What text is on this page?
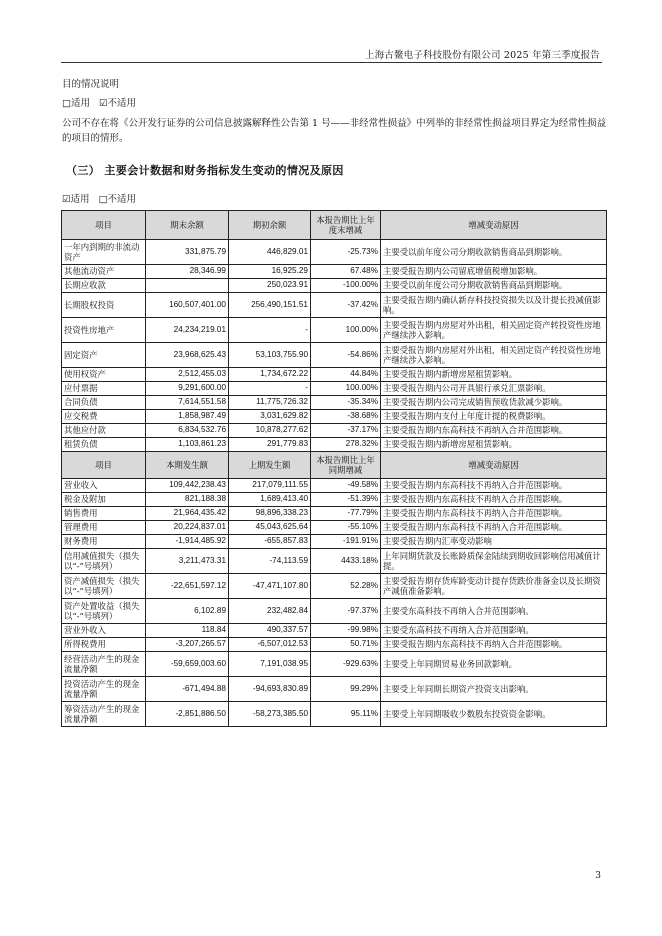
上海古鳌电子科技股份有限公司 2025 年第三季度报告
目的情况说明
□适用 ☑不适用
公司不存在将《公开发行证券的公司信息披露解释性公告第 1 号——非经常性损益》中列举的非经常性损益项目界定为经常性损益的项目的情形。
（三） 主要会计数据和财务指标发生变动的情况及原因
☑适用 □不适用
项目	期末余额	期初余额	本报告期比上年度末增减	增减变动原因
一年内到期的非流动资产	331,875.79	446,829.01	-25.73%	主要受以前年度公司分期收款销售商品到期影响。
其他流动资产	28,346.99	16,925.29	67.48%	主要受报告期内公司留底增值税增加影响。
长期应收款		250,023.91	-100.00%	主要受以前年度公司分期收款销售商品到期影响。
长期股权投资	160,507,401.00	256,490,151.51	-37.42%	主要受报告期内确认新存科技投资损失以及计提长投减值影响。
投资性房地产	24,234,219.01	-	100.00%	主要受报告期内房屋对外出租，相关固定资产转投资性房地产继续涉入影响。
固定资产	23,968,625.43	53,103,755.90	-54.86%	主要受报告期内房屋对外出租，相关固定资产转投资性房地产继续涉入影响。
使用权资产	2,512,455.03	1,734,672.22	44.84%	主要受报告期内新增房屋租赁影响。
应付票据	9,291,600.00	-	100.00%	主要受报告期内公司开具银行承兑汇票影响。
合同负债	7,614,551.58	11,775,726.32	-35.34%	主要受报告期内公司完成销售预收货款减少影响。
应交税费	1,858,987.49	3,031,629.82	-38.68%	主要受报告期内支付上年度计提的税费影响。
其他应付款	6,834,532.76	10,878,277.62	-37.17%	主要受报告期内东高科技不再纳入合并范围影响。
租赁负债	1,103,861.23	291,779.83	278.32%	主要受报告期内新增房屋租赁影响。
项目	本期发生额	上期发生额	本报告期比上年同期增减	增减变动原因
营业收入	109,442,238.43	217,079,111.55	-49.58%	主要受报告期内东高科技不再纳入合并范围影响。
税金及附加	821,188.38	1,689,413.40	-51.39%	主要受报告期内东高科技不再纳入合并范围影响。
销售费用	21,964,435.42	98,896,338.23	-77.79%	主要受报告期内东高科技不再纳入合并范围影响。
管理费用	20,224,837.01	45,043,625.64	-55.10%	主要受报告期内东高科技不再纳入合并范围影响。
财务费用	-1,914,485.92	-655,857.83	-191.91%	主要受报告期内汇率变动影响
信用减值损失（损失以“-”号填列）	3,211,473.31	-74,113.59	4433.18%	上年同期货款及长账龄质保金陆续到期收回影响信用减值计提。
资产减值损失（损失以“-”号填列）	-22,651,597.12	-47,471,107.80	52.28%	主要受报告期存货库龄变动计提存货跌价准备金以及长期资产减值准备影响。
资产处置收益（损失以“-”号填列）	6,102.89	232,482.84	-97.37%	主要受东高科技不再纳入合并范围影响。
营业外收入	118.84	490,337.57	-99.98%	主要受东高科技不再纳入合并范围影响。
所得税费用	-3,207,265.57	-6,507,012.53	50.71%	主要受报告期内东高科技不再纳入合并范围影响。
经营活动产生的现金流量净额	-59,659,003.60	7,191,038.95	-929.63%	主要受上年同期贸易业务回款影响。
投资活动产生的现金流量净额	-671,494.88	-94,693,830.89	99.29%	主要受上年同期长期资产投资支出影响。
筹资活动产生的现金流量净额	-2,851,886.50	-58,273,385.50	95.11%	主要受上年同期吸收少数股东投资资金影响。
3
